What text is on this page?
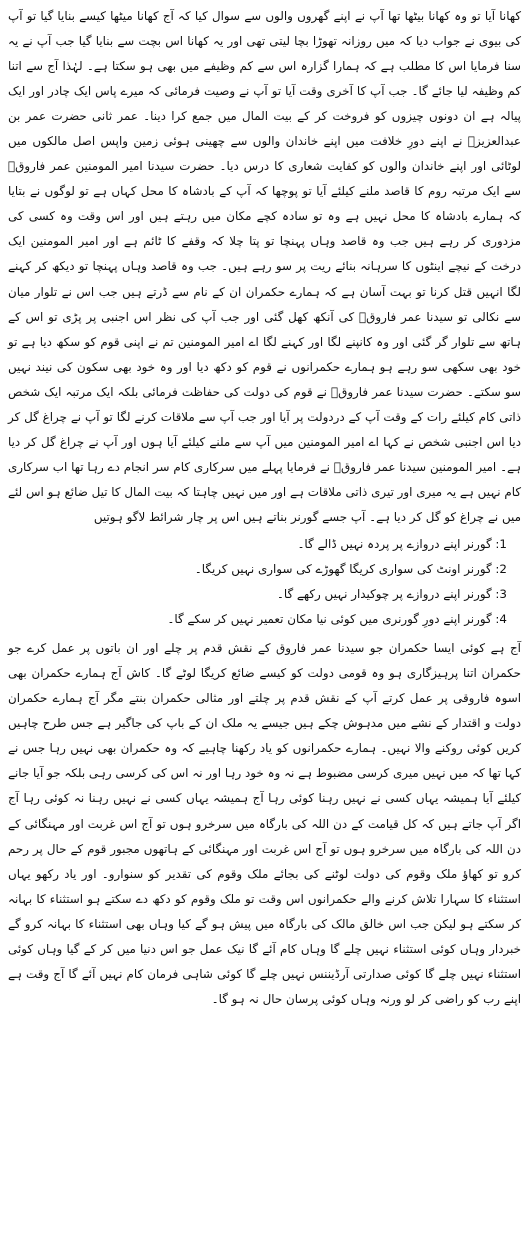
کھانا آیا تو وہ کھانا بیٹھا تھا آپ نے اپنے گھروں والوں سے سوال کیا کہ آج کھانا میٹھا کیسے بنایا گیا تو آپ کی بیوی نے جواب دیا کہ میں روزانہ تھوڑا بچا لیتی تھی اور یہ کھانا اس بچت سے بنایا گیا جب آپ نے یہ سنا فرمایا اس کا مطلب ہے کہ ہمارا گزارہ اس سے کم وظیفے میں بھی ہو سکتا ہے۔ لہٰذا آج سے اتنا کم وظیفہ لیا جائے گا۔ جب آپ کا آخری وقت آیا تو آپ نے وصیت فرمائی کہ میرے پاس ایک چادر اور ایک پیالہ ہے ان دونوں چیزوں کو فروخت کر کے بیت المال میں جمع کرا دینا۔ عمر ثانی حضرت عمر بن عبدالعزیزؒ نے اپنے دورِ خلافت میں اپنے خاندان والوں سے چھینی ہوئی زمین واپس اصل مالکوں میں لوٹائی اور اپنے خاندان والوں کو کفایت شعاری کا درس دیا۔ حضرت سیدنا امیر المومنین عمر فاروقؓ سے ایک مرتبہ روم کا قاصد ملنے کیلئے آیا تو پوچھا کہ آپ کے بادشاہ کا محل کہاں ہے تو لوگوں نے بتایا کہ ہمارے بادشاہ کا محل نہیں ہے وہ تو سادہ کچے مکان میں رہتے ہیں اور اس وقت وہ کسی کی مزدوری کر رہے ہیں جب وہ قاصد وہاں پہنچا تو پتا چلا کہ وقفے کا ٹائم ہے اور امیر المومنین ایک درخت کے نیچے اینٹوں کا سرہانہ بنائے ریت پر سو رہے ہیں۔ جب وہ قاصد وہاں پہنچا تو دیکھ کر کہنے لگا انہیں قتل کرنا تو بہت آسان ہے کہ ہمارے حکمران ان کے نام سے ڈرتے ہیں جب اس نے تلوار میان سے نکالی تو سیدنا عمر فاروقؓ کی آنکھ کھل گئی اور جب آپ کی نظر اس اجنبی پر پڑی تو اس کے ہاتھ سے تلوار گر گئی اور وہ کانپنے لگا اور کہنے لگا اے امیر المومنین تم نے اپنی قوم کو سکھ دیا ہے تو خود بھی سکھی سو رہے ہو ہمارے حکمرانوں نے قوم کو دکھ دیا اور وہ خود بھی سکون کی نیند نہیں سو سکتے۔ حضرت سیدنا عمر فاروقؓ نے قوم کی دولت کی حفاظت فرمائی بلکہ ایک مرتبہ ایک شخص ذاتی کام کیلئے رات کے وقت آپ کے دردولت پر آیا اور جب آپ سے ملاقات کرنے لگا تو آپ نے چراغ گل کر دیا اس اجنبی شخص نے کہا اے امیر المومنین میں آپ سے ملنے کیلئے آیا ہوں اور آپ نے چراغ گل کر دیا ہے۔ امیر المومنین سیدنا عمر فاروقؓ نے فرمایا پہلے میں سرکاری کام سر انجام دے رہا تھا اب سرکاری کام نہیں ہے یہ میری اور تیری ذاتی ملاقات ہے اور میں نہیں چاہتا کہ بیت المال کا تیل ضائع ہو اس لئے میں نے چراغ کو گل کر دیا ہے۔ آپ جسے گورنر بناتے ہیں اس پر چار شرائط لاگو ہوتیں

1: گورنر اپنے دروازے پر پردہ نہیں ڈالے گا۔
2: گورنر اونٹ کی سواری کریگا گھوڑے کی سواری نہیں کریگا۔
3: گورنر اپنے دروازے پر چوکیدار نہیں رکھے گا۔
4: گورنر اپنے دورِ گورنری میں کوئی نیا مکان تعمیر نہیں کر سکے گا۔

آج ہے کوئی ایسا حکمران جو سیدنا عمر فاروق کے نقش قدم پر چلے اور ان باتوں پر عمل کرے جو حکمران اتنا پرہیزگاری ہو وہ قومی دولت کو کیسے ضائع کریگا لوٹے گا۔ کاش آج ہمارے حکمران بھی اسوہ فاروقی پر عمل کرتے آپ کے نقش قدم پر چلتے اور مثالی حکمران بنتے مگر آج ہمارے حکمران دولت و اقتدار کے نشے میں مدہوش چکے ہیں جیسے یہ ملک ان کے باپ کی جاگیر ہے جس طرح چاہیں کریں کوئی روکنے والا نہیں۔ ہمارے حکمرانوں کو یاد رکھنا چاہیے کہ وہ حکمران بھی نہیں رہا جس نے کہا تھا کہ میں نہیں میری کرسی مضبوط ہے نہ وہ خود رہا اور نہ اس کی کرسی رہی بلکہ جو آیا جانے کیلئے آیا ہمیشہ یہاں کسی نے نہیں رہنا کوئی رہا آج ہمیشہ یہاں کسی نے نہیں رہنا نہ کوئی رہا آج اگر آپ جاتے ہیں کہ کل قیامت کے دن اللہ کی بارگاہ میں سرخرو ہوں تو آج اس غربت اور مہنگائی کے دن اللہ کی بارگاہ میں سرخرو ہوں تو آج اس غربت اور مہنگائی کے ہاتھوں مجبور قوم کے حال پر رحم کرو تو کھاؤ ملک وقوم کی دولت لوٹنے کی بجائے ملک وقوم کی تقدیر کو سنوارو۔ اور یاد رکھو یہاں استثناء کا سہارا تلاش کرنے والے حکمرانوں اس وقت تو ملک وقوم کو دکھ دے سکتے ہو استثناء کا بہانہ کر سکتے ہو لیکن جب اس خالق مالک کی بارگاہ میں پیش ہو گے کیا وہاں بھی استثناء کا بہانہ کرو گے خبردار وہاں کوئی استثناء نہیں چلے گا وہاں کام آئے گا نیک عمل جو اس دنیا میں کر کے گیا وہاں کوئی استثناء نہیں چلے گا کوئی صدارتی آرڈیننس نہیں چلے گا کوئی شاہی فرمان کام نہیں آئے گا آج وقت ہے اپنے رب کو راضی کر لو ورنہ وہاں کوئی پرسان حال نہ ہو گا۔
